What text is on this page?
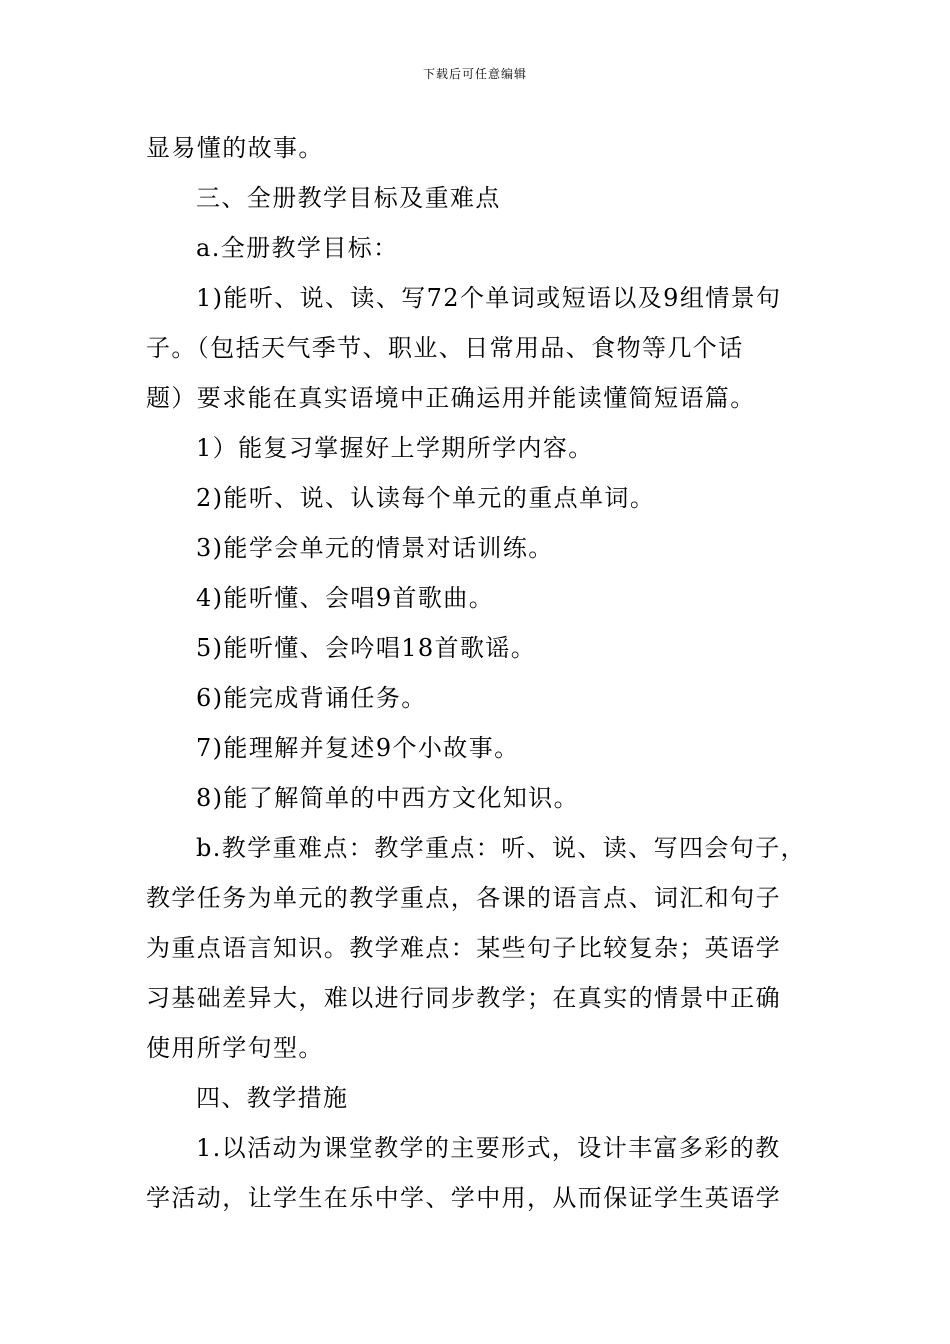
下载后可任意编辑
显易懂的故事。
三、全册教学目标及重难点
a.全册教学目标：
1)能听、说、读、写72个单词或短语以及9组情景句
子。（包括天气季节、职业、日常用品、食物等几个话
题）要求能在真实语境中正确运用并能读懂简短语篇。
1）能复习掌握好上学期所学内容。
2)能听、说、认读每个单元的重点单词。
3)能学会单元的情景对话训练。
4)能听懂、会唱9首歌曲。
5)能听懂、会吟唱18首歌谣。
6)能完成背诵任务。
7)能理解并复述9个小故事。
8)能了解简单的中西方文化知识。
b.教学重难点：教学重点：听、说、读、写四会句子，
教学任务为单元的教学重点，各课的语言点、词汇和句子
为重点语言知识。教学难点：某些句子比较复杂；英语学
习基础差异大，难以进行同步教学；在真实的情景中正确
使用所学句型。
四、教学措施
1.以活动为课堂教学的主要形式，设计丰富多彩的教
学活动，让学生在乐中学、学中用，从而保证学生英语学
